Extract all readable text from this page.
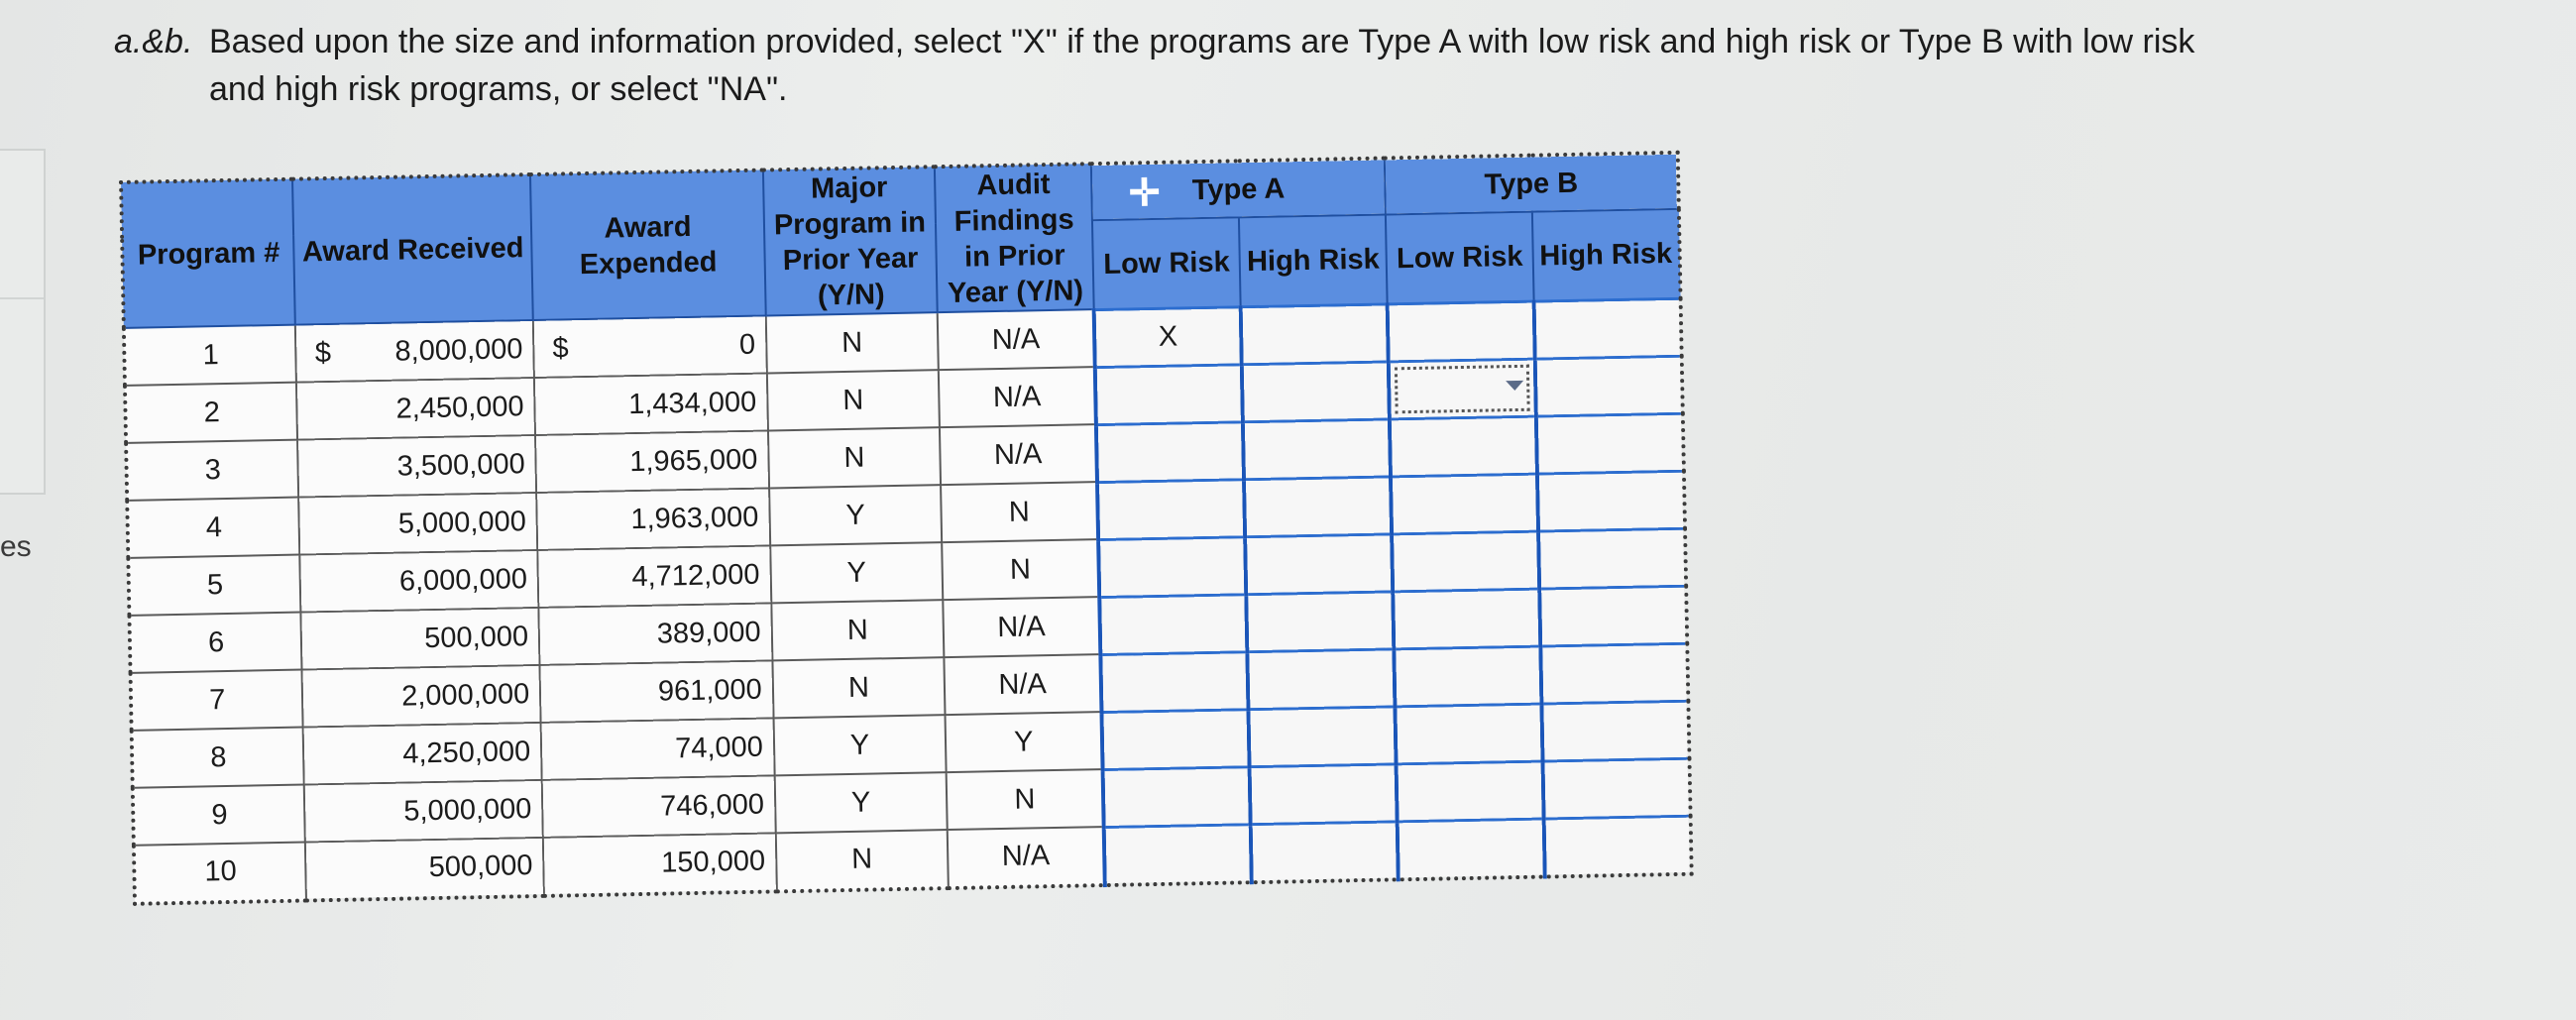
es
a.&b. Based upon the size and information provided, select "X" if the programs are Type A with low risk and high risk or Type B with low risk and high risk programs, or select "NA".
Program #	Award Received	Award Expended	Major Program in Prior Year (Y/N)	Audit Findings in Prior Year (Y/N)	✛ Type A		Type B	
					Low Risk	High Risk	Low Risk	High Risk
1	$ 8,000,000	$ 0	N	N/A	X			
2	2,450,000	1,434,000	N	N/A			

3	3,500,000	1,965,000	N	N/A				
4	5,000,000	1,963,000	Y	N				
5	6,000,000	4,712,000	Y	N				
6	500,000	389,000	N	N/A				
7	2,000,000	961,000	N	N/A				
8	4,250,000	74,000	Y	Y				
9	5,000,000	746,000	Y	N				
10	500,000	150,000	N	N/A				
